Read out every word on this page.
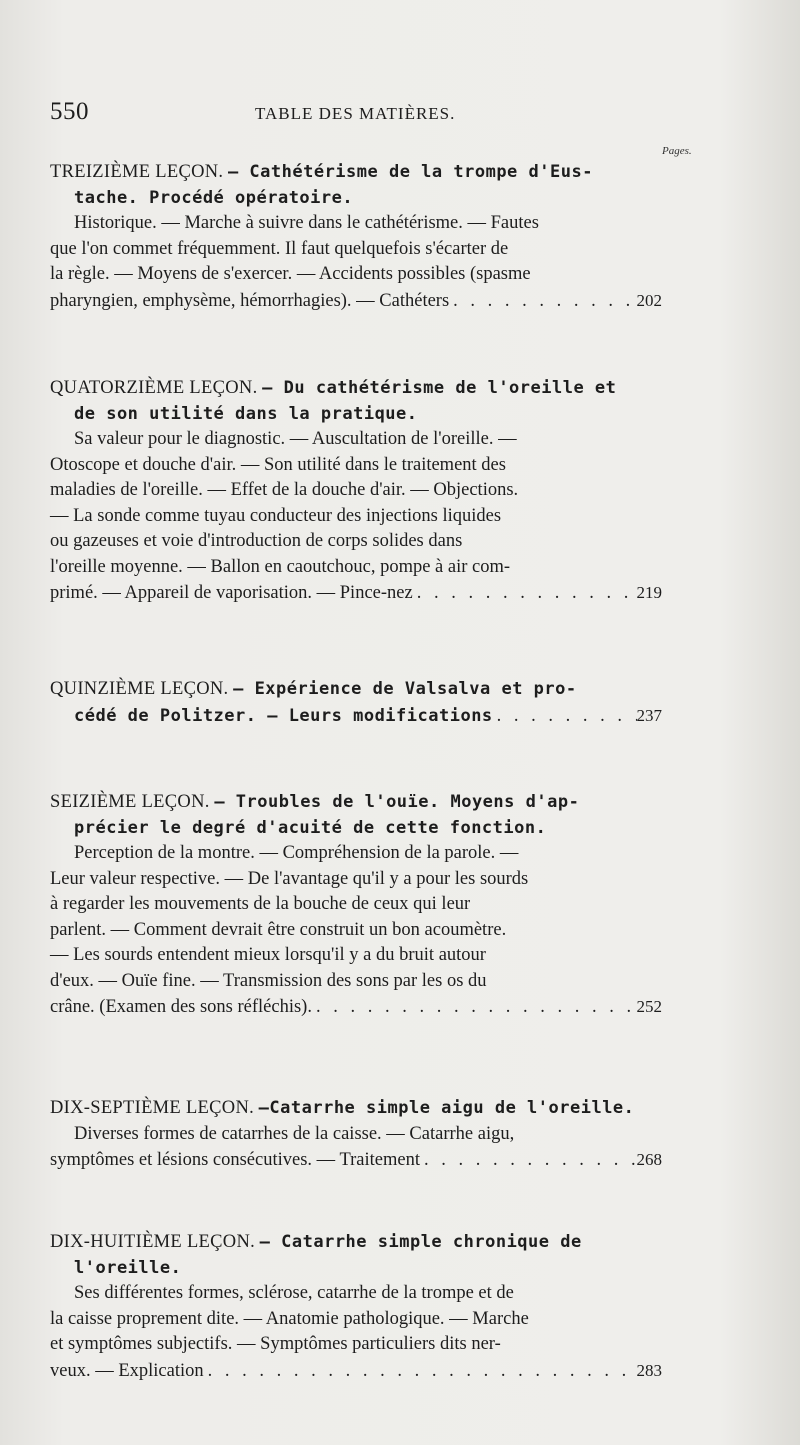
550	TABLE DES MATIÈRES.
Pages.
TREIZIÈME LEÇON. — Cathétérisme de la trompe d'Eus-
tache. Procédé opératoire.
Historique. — Marche à suivre dans le cathétérisme. — Fautes
que l'on commet fréquemment. Il faut quelquefois s'écarter de
la règle. — Moyens de s'exercer. — Accidents possibles (spasme
pharyngien, emphysème, hémorrhagies). — Cathéters . . .	202
QUATORZIÈME LEÇON. — Du cathétérisme de l'oreille et
de son utilité dans la pratique.
Sa valeur pour le diagnostic. — Auscultation de l'oreille. —
Otoscope et douche d'air. — Son utilité dans le traitement des
maladies de l'oreille. — Effet de la douche d'air. — Objections.
— La sonde comme tuyau conducteur des injections liquides
ou gazeuses et voie d'introduction de corps solides dans
l'oreille moyenne. — Ballon en caoutchouc, pompe à air com-
primé. — Appareil de vaporisation. — Pince-nez . . .	219
QUINZIÈME LEÇON. — Expérience de Valsalva et pro-
cédé de Politzer. — Leurs modifications . . .	237
SEIZIÈME LEÇON. — Troubles de l'ouïe. Moyens d'ap-
précier le degré d'acuité de cette fonction.
Perception de la montre. — Compréhension de la parole. —
Leur valeur respective. — De l'avantage qu'il y a pour les sourds
à regarder les mouvements de la bouche de ceux qui leur
parlent. — Comment devrait être construit un bon acoumètre.
— Les sourds entendent mieux lorsqu'il y a du bruit autour
d'eux. — Ouïe fine. — Transmission des sons par les os du
crâne. (Examen des sons réfléchis). . . .	252
DIX-SEPTIÈME LEÇON. —Catarrhe simple aigu de l'oreille.
Diverses formes de catarrhes de la caisse. — Catarrhe aigu,
symptômes et lésions consécutives. — Traitement . . .	268
DIX-HUITIÈME LEÇON. — Catarrhe simple chronique de
l'oreille.
Ses différentes formes, sclérose, catarrhe de la trompe et de
la caisse proprement dite. — Anatomie pathologique. — Marche
et symptômes subjectifs. — Symptômes particuliers dits ner-
veux. — Explication . . .	283
